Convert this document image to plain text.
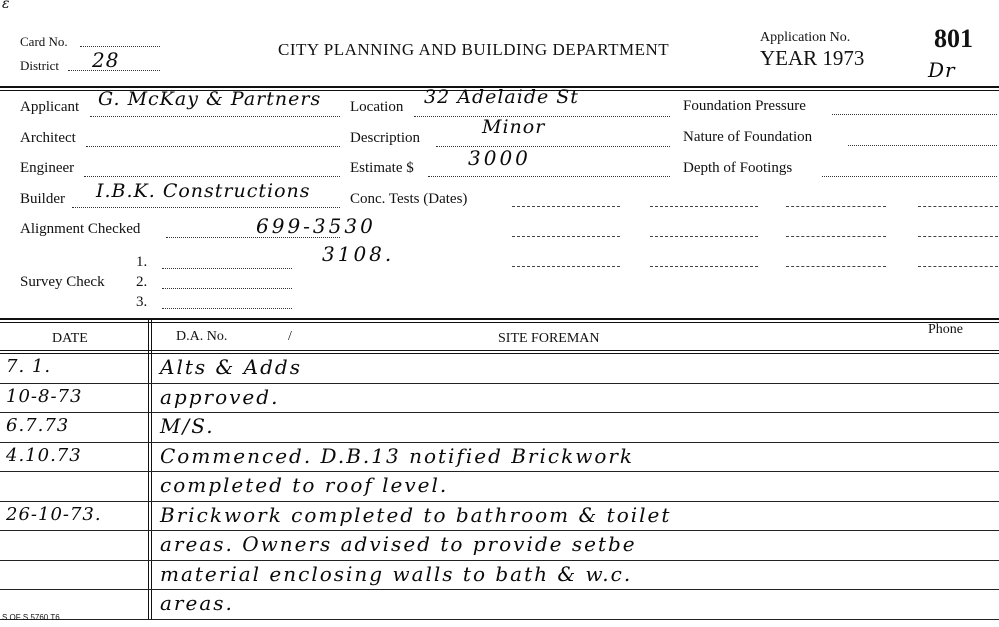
ε
Card No.
District 28	CITY PLANNING AND BUILDING DEPARTMENT
Application No.
YEAR 1973
801
Dr
Applicant G. McKay & Partners Location 32 Adelaide St	Foundation Pressure
Architect	Description	Minor	Nature of Foundation
Engineer	Estimate $	3000	Depth of Footings
Builder I.B.K. Constructions	Conc. Tests (Dates)
Alignment Checked	699-3530
3108.
1.
Survey Check 2.
3.
DATE	D.A. No.	/	SITE FOREMAN
Phone
7. 1.	Alts & Adds
10-8-73	approved.
6.7.73	M/S.
4.10.73	Commenced. D.B.13 notified Brickwork
completed to roof level.
26-10-73.	Brickwork completed to bathroom & toilet
areas. Owners advised to provide setbe
material enclosing walls to bath & w.c.
areas.
S OF S 5760 T6
